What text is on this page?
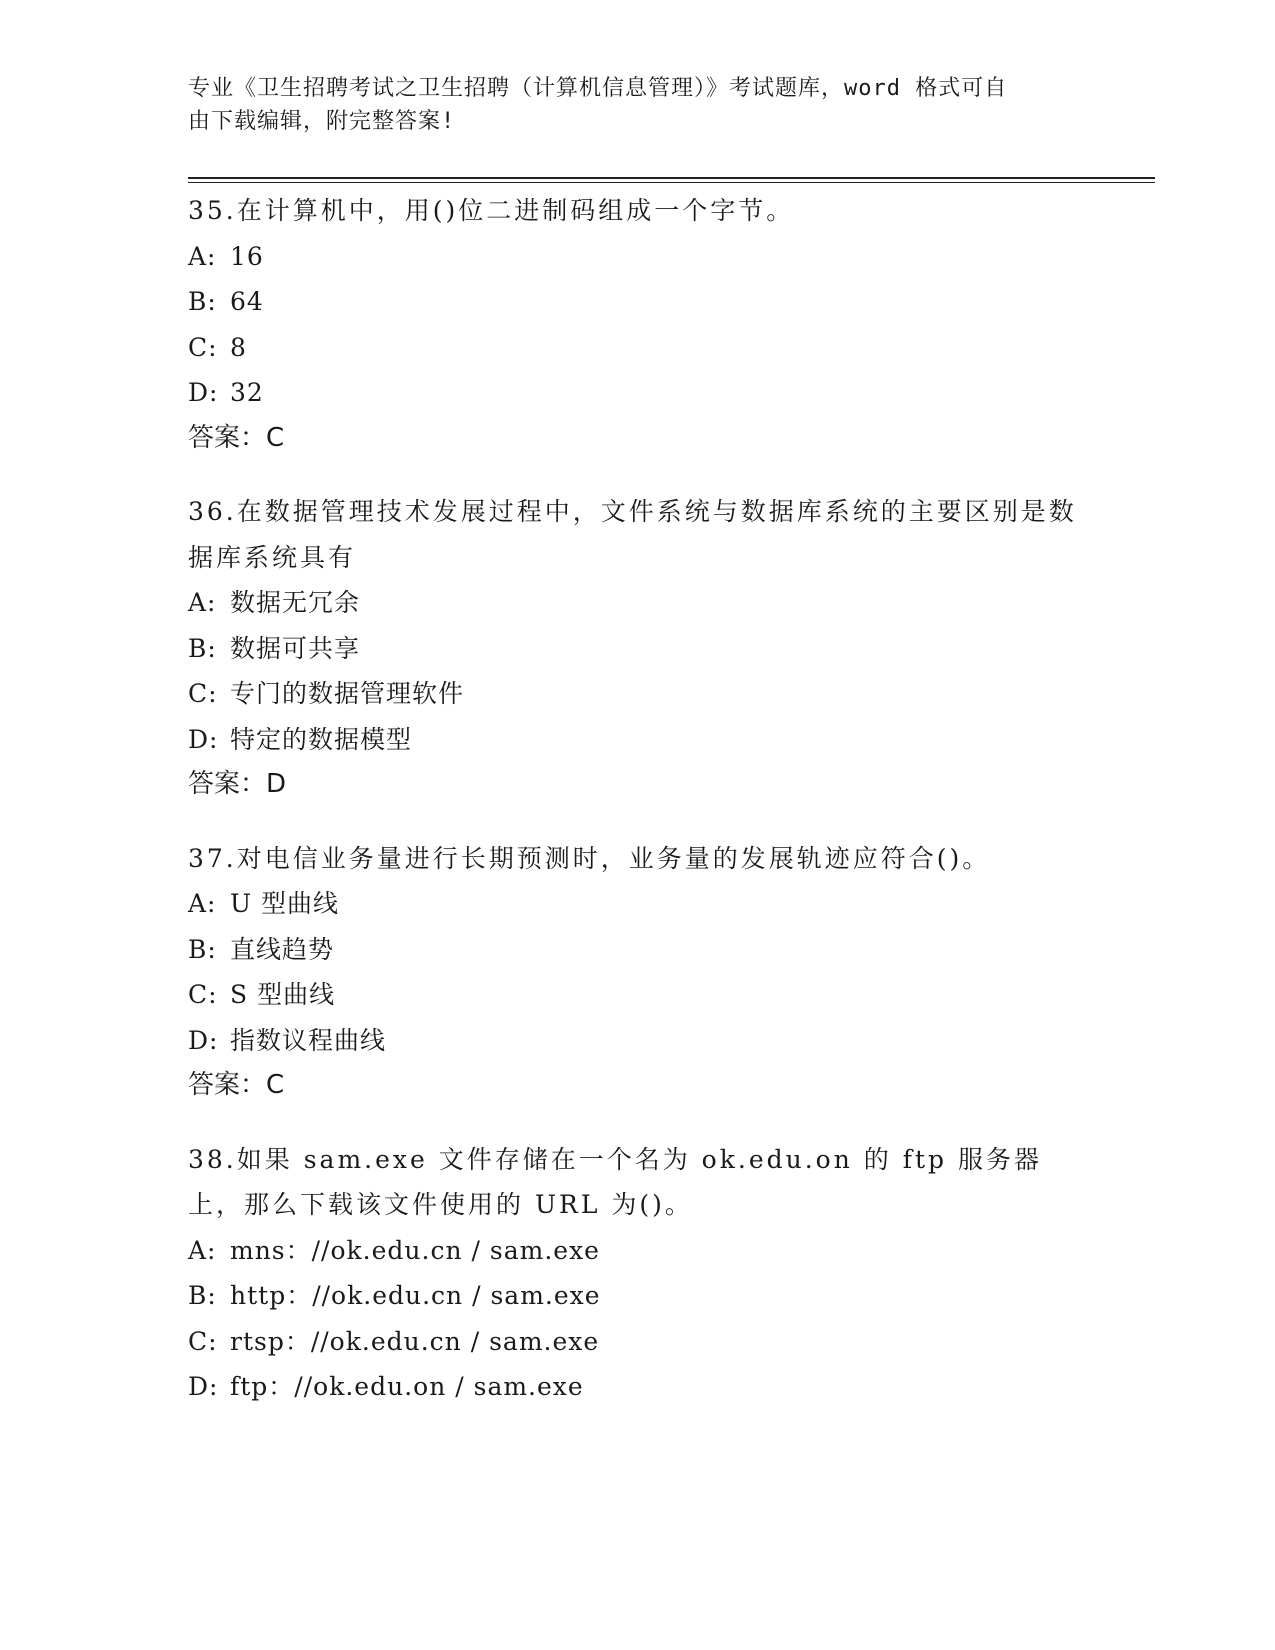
专业《卫生招聘考试之卫生招聘（计算机信息管理）》考试题库，word 格式可自
由下载编辑，附完整答案!

35.在计算机中，用()位二进制码组成一个字节。

A: 16

B: 64

C: 8

D: 32

答案：C

36.在数据管理技术发展过程中，文件系统与数据库系统的主要区别是数据库系统具有

A: 数据无冗余

B: 数据可共享

C: 专门的数据管理软件

D: 特定的数据模型

答案：D

37.对电信业务量进行长期预测时，业务量的发展轨迹应符合()。

A: U 型曲线

B: 直线趋势

C: S 型曲线

D: 指数议程曲线

答案：C

38.如果 sam.exe 文件存储在一个名为 ok.edu.on 的 ftp 服务器上，那么下载该文件使用的 URL 为()。

A: mns：//ok.edu.cn / sam.exe

B: http：//ok.edu.cn / sam.exe

C: rtsp：//ok.edu.cn / sam.exe

D: ftp：//ok.edu.on / sam.exe
